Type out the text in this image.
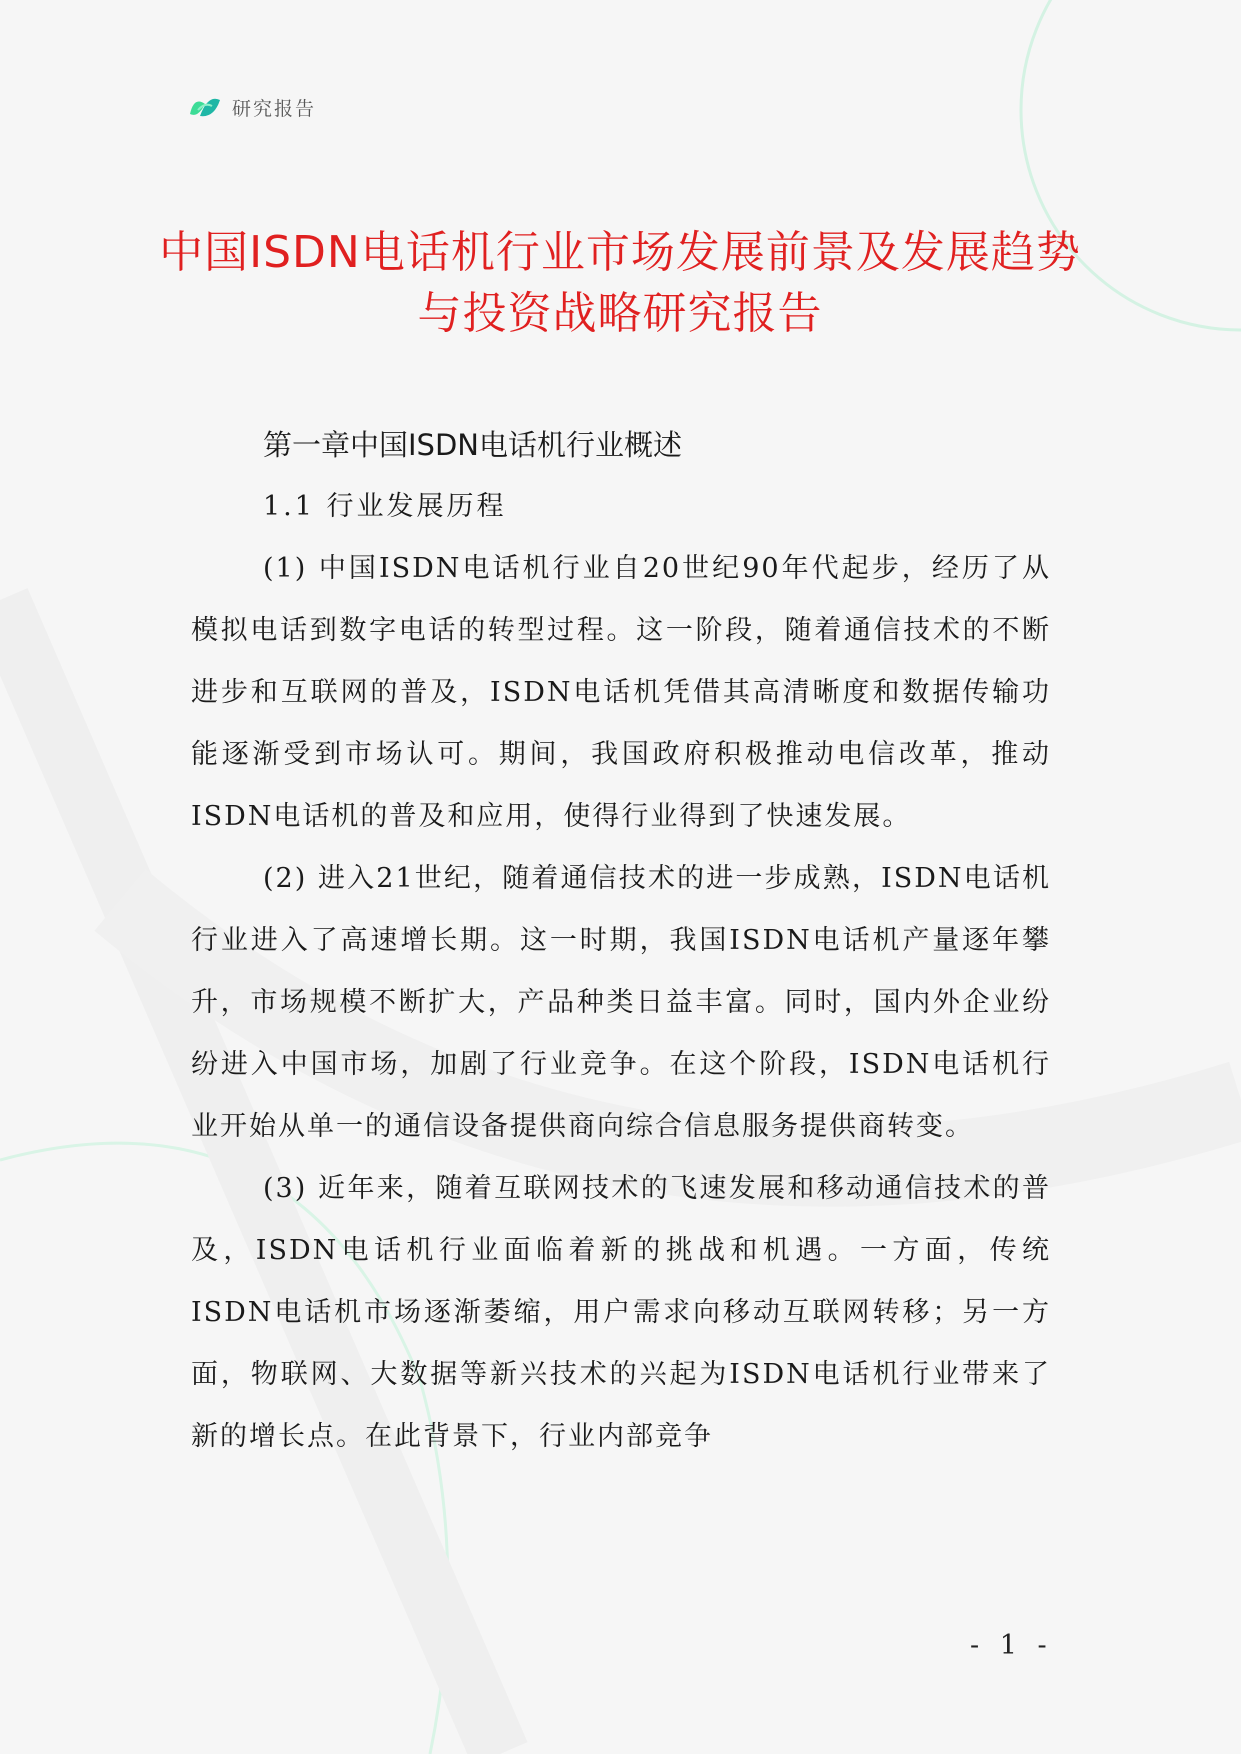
研究报告
中国ISDN电话机行业市场发展前景及发展趋势与投资战略研究报告
第一章中国ISDN电话机行业概述
1.1 行业发展历程

(1) 中国ISDN电话机行业自20世纪90年代起步，经历了从模拟电话到数字电话的转型过程。这一阶段，随着通信技术的不断进步和互联网的普及，ISDN电话机凭借其高清晰度和数据传输功能逐渐受到市场认可。期间，我国政府积极推动电信改革，推动ISDN电话机的普及和应用，使得行业得到了快速发展。

(2) 进入21世纪，随着通信技术的进一步成熟，ISDN电话机行业进入了高速增长期。这一时期，我国ISDN电话机产量逐年攀升，市场规模不断扩大，产品种类日益丰富。同时，国内外企业纷纷进入中国市场，加剧了行业竞争。在这个阶段，ISDN电话机行业开始从单一的通信设备提供商向综合信息服务提供商转变。

(3) 近年来，随着互联网技术的飞速发展和移动通信技术的普及，ISDN电话机行业面临着新的挑战和机遇。一方面，传统ISDN电话机市场逐渐萎缩，用户需求向移动互联网转移；另一方面，物联网、大数据等新兴技术的兴起为ISDN电话机行业带来了新的增长点。在此背景下，行业内部竞争

- 1 -
